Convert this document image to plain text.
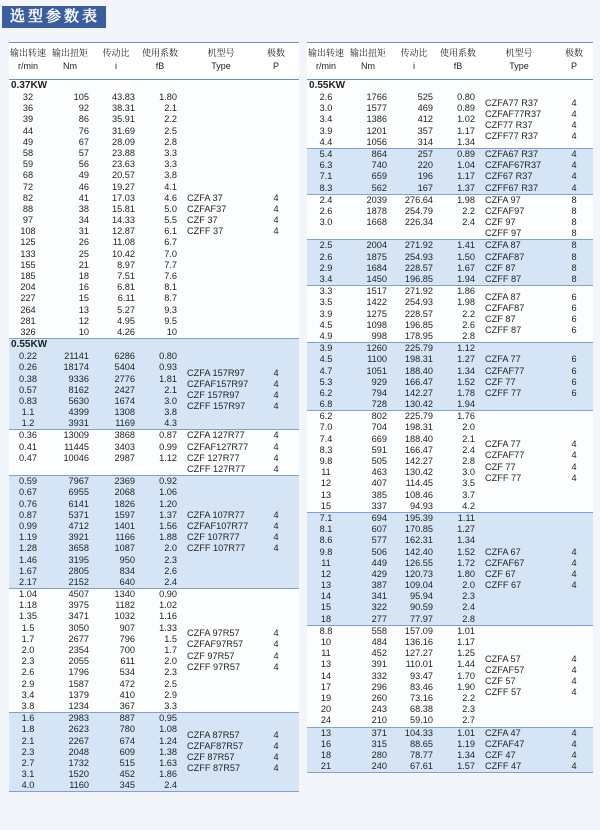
选型参数表
输出转速
r/min
输出扭矩
Nm
传动比
i
使用系数
fB
机型号
Type
极数
P
0.37KW
32
36
39
44
49
58
59
68
72
82
88
97
108
125
133
155
185
204
227
264
281
326
105
92
86
76
67
57
56
49
46
41
38
34
31
26
25
21
18
16
15
13
12
10
43.83
38.31
35.91
31.69
28.09
23.88
23.63
20.57
19.27
17.03
15.81
14.33
12.87
11.08
10.42
8.97
7.51
6.81
6.11
5.27
4.95
4.26
1.80
2.1
2.2
2.5
2.8
3.3
3.3
3.8
4.1
4.6
5.0
5.5
6.1
6.7
7.0
7.7
7.6
8.1
8.7
9.3
9.5
10
CZFA 37
CZFAF37
CZF 37
CZFF 37
4
4
4
4
0.55KW
0.22
0.26
0.38
0.57
0.83
1.1
1.2
21141
18174
9336
8162
5630
4399
3931
6286
5404
2776
2427
1674
1308
1169
0.80
0.93
1.81
2.1
3.0
3.8
4.3
CZFA 157R97
CZFAF157R97
CZF 157R97
CZFF 157R97
4
4
4
4
0.36
0.41
0.47
13009
11445
10046
3868
3403
2987
0.87
0.99
1.12
CZFA 127R77
CZFAF127R77
CZF 127R77
CZFF 127R77
4
4
4
4
0.59
0.67
0.76
0.87
0.99
1.19
1.28
1.46
1.67
2.17
7967
6955
6141
5371
4712
3921
3658
3195
2805
2152
2369
2068
1826
1597
1401
1166
1087
950
834
640
0.92
1.06
1.20
1.37
1.56
1.88
2.0
2.3
2.6
2.4
CZFA 107R77
CZFAF107R77
CZF 107R77
CZFF 107R77
4
4
4
4
1.04
1.18
1.35
1.5
1.7
2.0
2.3
2.6
2.9
3.4
3.8
4507
3975
3471
3050
2677
2354
2055
1796
1587
1379
1234
1340
1182
1032
907
796
700
611
534
472
410
367
0.90
1.02
1.16
1.33
1.5
1.7
2.0
2.3
2.5
2.9
3.3
CZFA 97R57
CZFAF97R57
CZF 97R57
CZFF 97R57
4
4
4
4
1.6
1.8
2.1
2.3
2.7
3.1
4.0
2983
2623
2267
2048
1732
1520
1160
887
780
674
609
515
452
345
0.95
1.08
1.24
1.38
1.63
1.86
2.4
CZFA 87R57
CZFAF87R57
CZF 87R57
CZFF 87R57
4
4
4
4
输出转速
r/min
输出扭矩
Nm
传动比
i
使用系数
fB
机型号
Type
极数
P
0.55KW
2.6
3.0
3.4
3.9
4.4
1766
1577
1386
1201
1056
525
469
412
357
314
0.80
0.89
1.02
1.17
1.34
CZFA77 R37
CZFAF77R37
CZF77 R37
CZFF77 R37
4
4
4
4
5.4
6.3
7.1
8.3
864
740
659
562
257
220
196
167
0.89
1.04
1.17
1.37
CZFA67 R37
CZFAF67R37
CZF67 R37
CZFF67 R37
4
4
4
4
2.4
2.6
3.0
2039
1878
1668
276.64
254.79
226.34
1.98
2.2
2.4
CZFA 97
CZFAF97
CZF 97
CZFF 97
8
8
8
8
2.5
2.6
2.9
3.4
2004
1875
1684
1450
271.92
254.93
228.57
196.85
1.41
1.50
1.67
1.94
CZFA 87
CZFAF87
CZF 87
CZFF 87
8
8
8
8
3.3
3.5
3.9
4.5
4.9
1517
1422
1275
1098
998
271.92
254.93
228.57
196.85
178.95
1.86
1.98
2.2
2.6
2.8
CZFA 87
CZFAF87
CZF 87
CZFF 87
6
6
6
6
3.9
4.5
4.7
5.3
6.2
6.8
1260
1100
1051
929
794
728
225.79
198.31
188.40
166.47
142.27
130.42
1.12
1.27
1.34
1.52
1.78
1.94
CZFA 77
CZFAF77
CZF 77
CZFF 77
6
6
6
6
6.2
7.0
7.4
8.3
9.8
11
12
13
15
802
704
669
591
505
463
407
385
337
225.79
198.31
188.40
166.47
142.27
130.42
114.45
108.46
94.93
1.76
2.0
2.1
2.4
2.8
3.0
3.5
3.7
4.2
CZFA 77
CZFAF77
CZF 77
CZFF 77
4
4
4
4
7.1
8.1
8.6
9.8
11
12
13
14
15
18
694
607
577
506
449
429
387
341
322
277
195.39
170.85
162.31
142.40
126.55
120.73
109.04
95.94
90.59
77.97
1.11
1.27
1.34
1.52
1.72
1.80
2.0
2.3
2.4
2.8
CZFA 67
CZFAF67
CZF 67
CZFF 67
4
4
4
4
8.8
10
11
13
14
17
19
20
24
558
484
452
391
332
296
260
243
210
157.09
136.16
127.27
110.01
93.47
83.46
73.16
68.38
59.10
1.01
1.17
1.25
1.44
1.70
1.90
2.2
2.3
2.7
CZFA 57
CZFAF57
CZF 57
CZFF 57
4
4
4
4
13
16
18
21
371
315
280
240
104.33
88.65
78.77
67.61
1.01
1.19
1.34
1.57
CZFA 47
CZFAF47
CZF 47
CZFF 47
4
4
4
4
